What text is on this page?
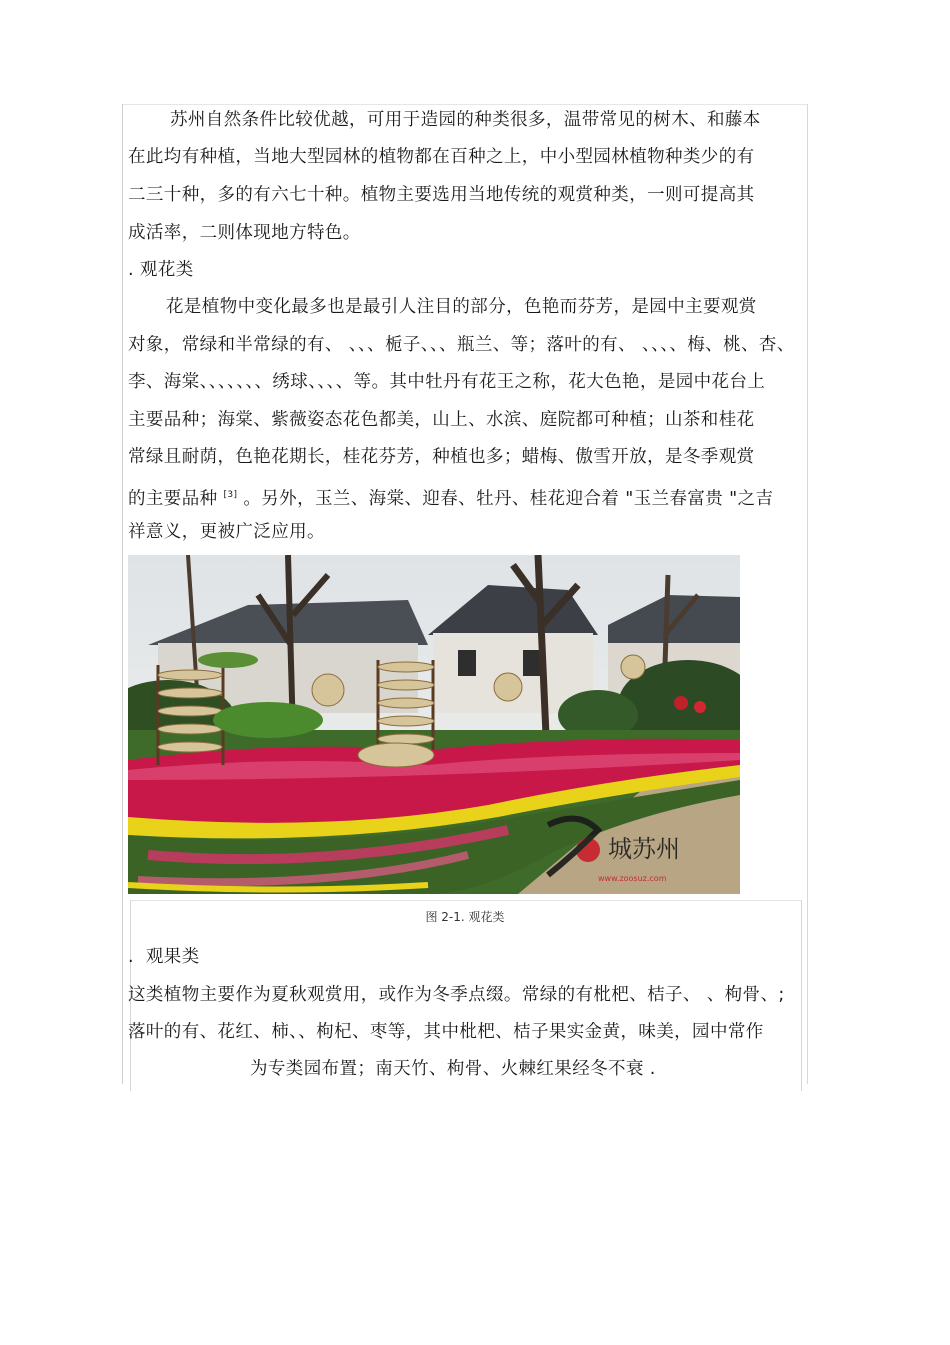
苏州自然条件比较优越，可用于造园的种类很多，温带常见的树木、和藤本
在此均有种植，当地大型园林的植物都在百种之上，中小型园林植物种类少的有
二三十种，多的有六七十种。植物主要选用当地传统的观赏种类，一则可提高其
成活率，二则体现地方特色。
. 观花类
花是植物中变化最多也是最引人注目的部分，色艳而芬芳，是园中主要观赏
对象，常绿和半常绿的有、 、、、栀子、、、瓶兰、等；落叶的有、 、、、、梅、桃、杏、
李、海棠、、、、、、、绣球、、、、等。其中牡丹有花王之称，花大色艳，是园中花台上
主要品种；海棠、紫薇姿态花色都美，山上、水滨、庭院都可种植；山茶和桂花
常绿且耐荫，色艳花期长，桂花芬芳，种植也多；蜡梅、傲雪开放，是冬季观赏
的主要品种 [3] 。另外，玉兰、海棠、迎春、牡丹、桂花迎合着 "玉兰春富贵 "之吉
祥意义，更被广泛应用。
城苏州
www.zoosuz.com
图 2-1. 观花类
.  观果类
这类植物主要作为夏秋观赏用，或作为冬季点缀。常绿的有枇杷、桔子、 、枸骨、;
落叶的有、花红、柿、、枸杞、枣等，其中枇杷、桔子果实金黄，味美，园中常作
为专类园布置；南天竹、枸骨、火棘红果经冬不衰 .
